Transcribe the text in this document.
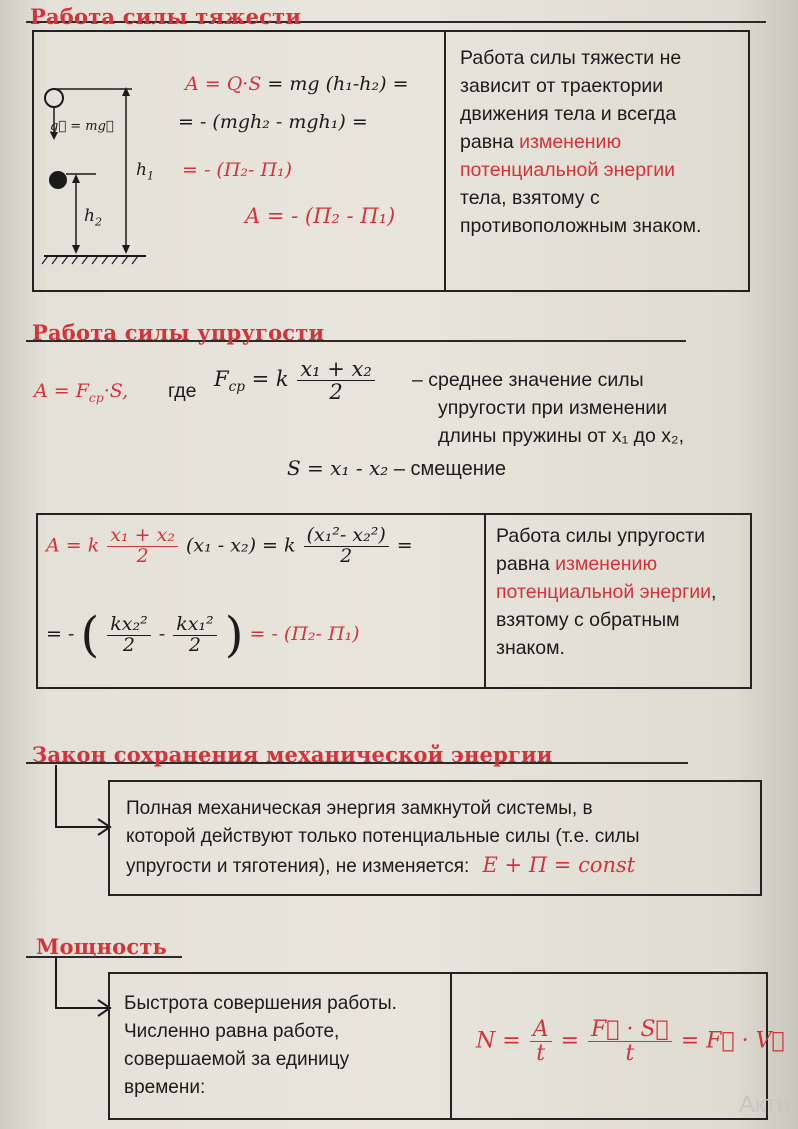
Работа силы тяжести
g⃗ = mg⃗
$h_1$
$h_2$
A = Q·S = mg (h₁-h₂) =
= - (mgh₂ - mgh₁) =
= - (Π₂- Π₁)
A = - (Π₂ - Π₁)
Работа силы тяжести не
зависит от траектории
движения тела и всегда
равна изменению
потенциальной энергии
тела, взятому с
противоположным знаком.
Работа силы упругости
$A = F_{ср}\cdot S$, где $F_{ср} = k \frac{\text{x₁ + x₂}}{2}$ – среднее значение силы
упругости при изменении
длины пружины от x₁ до x₂,
S = x₁ - x₂ – смещение
A = k $\frac{\text{x₁ + x₂}}{2} (x_1 - x_2) = k \frac{\text{(x₁²- x₂²)}}{2}$ =
= - ( $\frac{\text{kx₂²}}{2} - \frac{\text{kx₁²}}{2}$ ) = - (Π₂- Π₁)
Работа силы упругости
равна изменению
потенциальной энергии,
взятому с обратным
знаком.
Закон сохранения механической энергии
Полная механическая энергия замкнутой системы, в
которой действуют только потенциальные силы (т.е. силы
упругости и тяготения), не изменяется: E + Π = const
Мощность
Быстрота совершения работы.
Численно равна работе,
совершаемой за единицу
времени:
$N = \frac{A}{t} = \frac{F⃗ \cdot S⃗}{t}$ = F⃗ · V⃗
Акти
